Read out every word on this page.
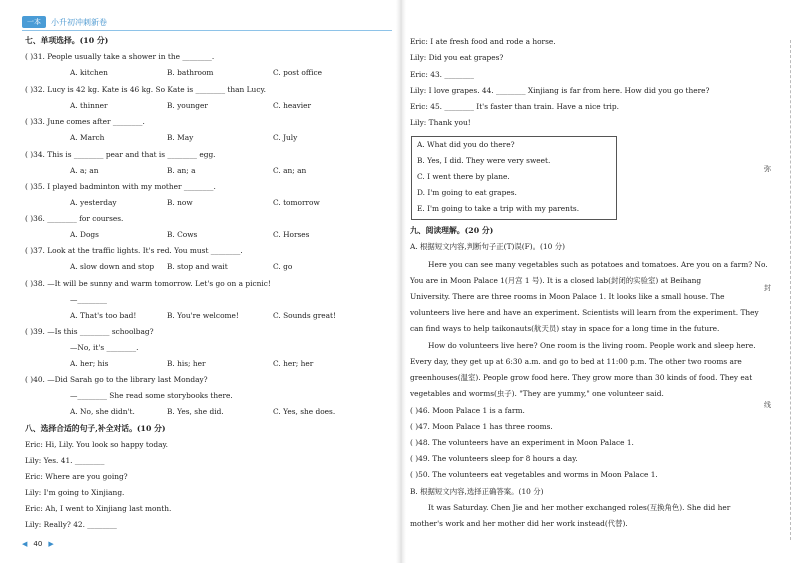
一本	小升初冲刺新卷
七、单项选择。(10 分)
( )31. People usually take a shower in the ________.
A. kitchen	B. bathroom	C. post office
( )32. Lucy is 42 kg. Kate is 46 kg. So Kate is ________ than Lucy.
A. thinner	B. younger	C. heavier
( )33. June comes after ________.
A. March	B. May	C. July
( )34. This is ________ pear and that is ________ egg.
A. a; an	B. an; a	C. an; an
( )35. I played badminton with my mother ________.
A. yesterday	B. now	C. tomorrow
( )36. ________ for courses.
A. Dogs	B. Cows	C. Horses
( )37. Look at the traffic lights. It's red. You must ________.
A. slow down and stop B. stop and wait	C. go
( )38. —It will be sunny and warm tomorrow. Let's go on a picnic!
—________
A. That's too bad!	B. You're welcome!	C. Sounds great!
( )39. —Is this ________ schoolbag?
—No, it's ________.
A. her; his	B. his; her	C. her; her
( )40. —Did Sarah go to the library last Monday?
—________ She read some storybooks there.
A. No, she didn't.	B. Yes, she did.	C. Yes, she does.
八、选择合适的句子,补全对话。(10 分)
Eric: Hi, Lily. You look so happy today.
Lily: Yes. 41. ________
Eric: Where are you going?
Lily: I'm going to Xinjiang.
Eric: Ah, I went to Xinjiang last month.
Lily: Really? 42. ________
◀ 40 ▶
Eric: I ate fresh food and rode a horse.
Lily: Did you eat grapes?
Eric: 43. ________
Lily: I love grapes. 44. ________ Xinjiang is far from here. How did you go there?
Eric: 45. ________ It's faster than train. Have a nice trip.
Lily: Thank you!
A. What did you do there?
B. Yes, I did. They were very sweet.
C. I went there by plane.
D. I'm going to eat grapes.
E. I'm going to take a trip with my parents.
九、阅读理解。(20 分)
A. 根据短文内容,判断句子正(T)误(F)。(10 分)
Here you can see many vegetables such as potatoes and tomatoes. Are you on a farm? No.
You are in Moon Palace 1(月宫 1 号). It is a closed lab(封闭的实验室) at Beihang
University. There are three rooms in Moon Palace 1. It looks like a small house. The
volunteers live here and have an experiment. Scientists will learn from the experiment. They
can find ways to help taikonauts(航天员) stay in space for a long time in the future.
How do volunteers live here? One room is the living room. People work and sleep here.
Every day, they get up at 6:30 a.m. and go to bed at 11:00 p.m. The other two rooms are
greenhouses(温室). People grow food here. They grow more than 30 kinds of food. They eat
vegetables and worms(虫子). "They are yummy," one volunteer said.
( )46. Moon Palace 1 is a farm.
( )47. Moon Palace 1 has three rooms.
( )48. The volunteers have an experiment in Moon Palace 1.
( )49. The volunteers sleep for 8 hours a day.
( )50. The volunteers eat vegetables and worms in Moon Palace 1.
B. 根据短文内容,选择正确答案。(10 分)
It was Saturday. Chen Jie and her mother exchanged roles(互换角色). She did her
mother's work and her mother did her work instead(代替).
弥
封
线
